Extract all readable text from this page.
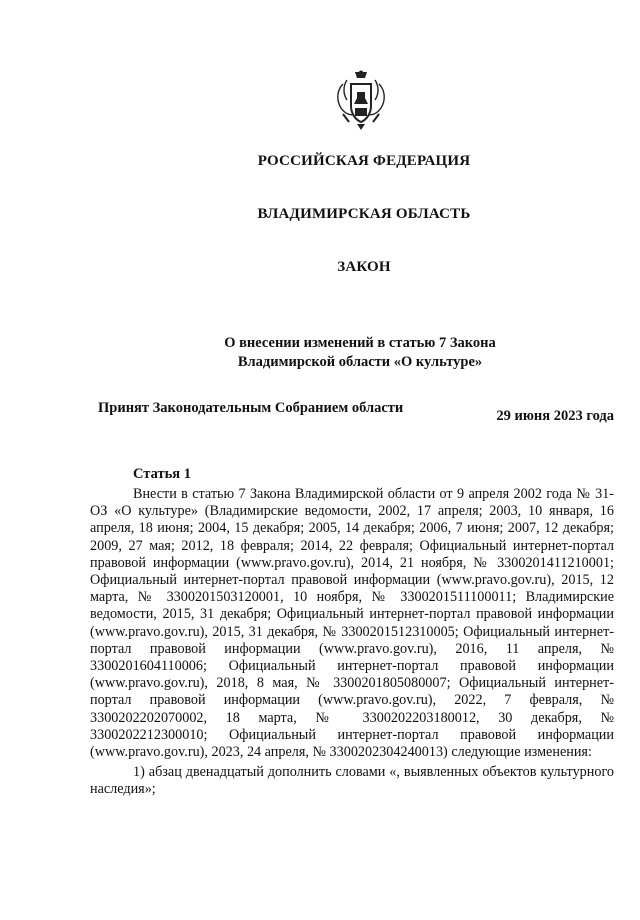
РОССИЙСКАЯ ФЕДЕРАЦИЯ
ВЛАДИМИРСКАЯ ОБЛАСТЬ
ЗАКОН
О внесении изменений в статью 7 Закона
Владимирской области «О культуре»
Принят Законодательным Собранием области	29 июня 2023 года
Статья 1

Внести в статью 7 Закона Владимирской области от 9 апреля 2002 года № 31-ОЗ «О культуре» (Владимирские ведомости, 2002, 17 апреля; 2003, 10 января, 16 апреля, 18 июня; 2004, 15 декабря; 2005, 14 декабря; 2006, 7 июня; 2007, 12 декабря; 2009, 27 мая; 2012, 18 февраля; 2014, 22 февраля; Официальный интернет-портал правовой информации (www.pravo.gov.ru), 2014, 21 ноября, № 3300201411210001; Официальный интернет-портал правовой информации (www.pravo.gov.ru), 2015, 12 марта, № 3300201503120001, 10 ноября, № 3300201511100011; Владимирские ведомости, 2015, 31 декабря; Официальный интернет-портал правовой информации (www.pravo.gov.ru), 2015, 31 декабря, № 3300201512310005; Официальный интернет-портал правовой информации (www.pravo.gov.ru), 2016, 11 апреля, № 3300201604110006; Официальный интернет-портал правовой информации (www.pravo.gov.ru), 2018, 8 мая, № 3300201805080007; Официальный интернет-портал правовой информации (www.pravo.gov.ru), 2022, 7 февраля, № 3300202202070002, 18 марта, № 3300202203180012, 30 декабря, № 3300202212300010; Официальный интернет-портал правовой информации (www.pravo.gov.ru), 2023, 24 апреля, № 3300202304240013) следующие изменения:

1) абзац двенадцатый дополнить словами «, выявленных объектов культурного наследия»;
